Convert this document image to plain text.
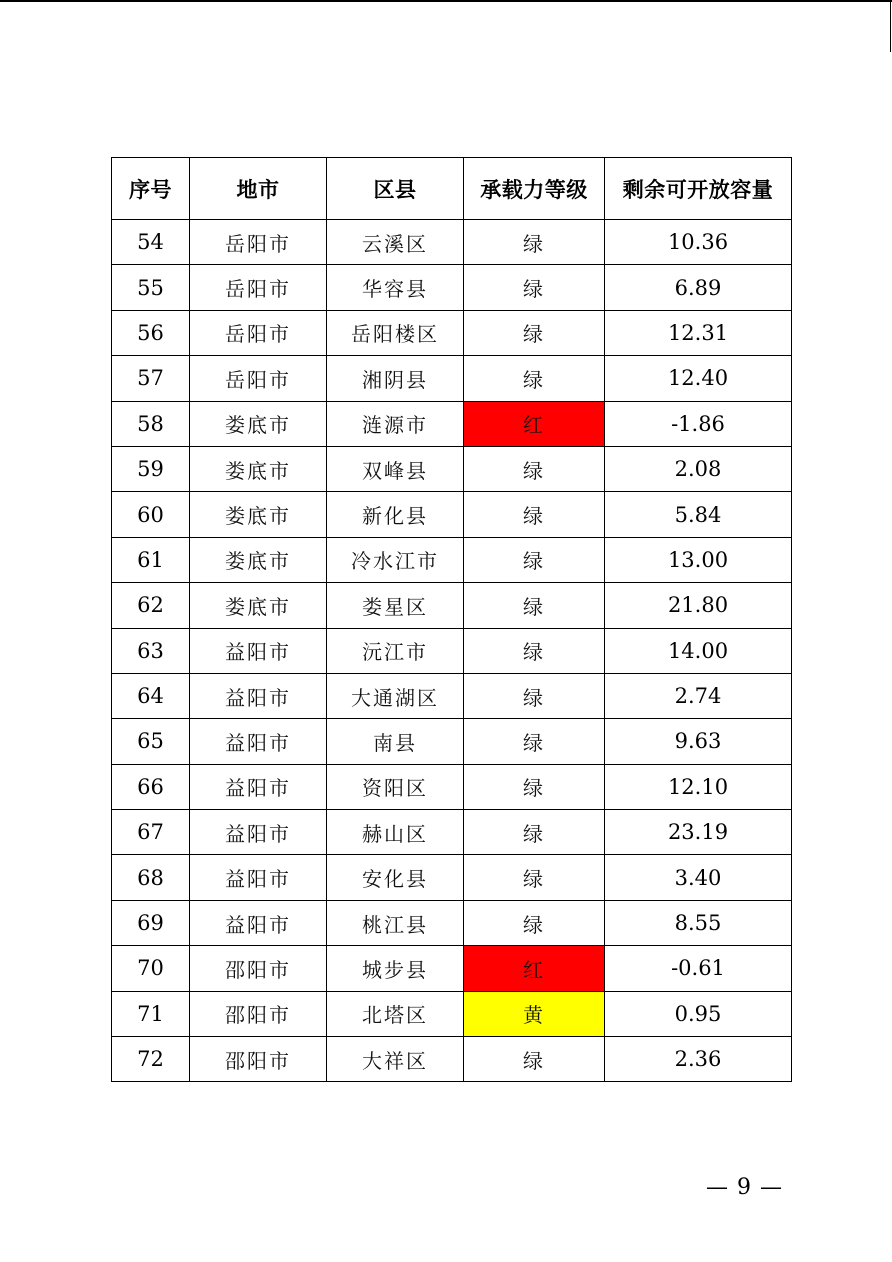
序号	地市	区县	承载力等级	剩余可开放容量
54	岳阳市	云溪区	绿	10.36
55	岳阳市	华容县	绿	6.89
56	岳阳市	岳阳楼区	绿	12.31
57	岳阳市	湘阴县	绿	12.40
58	娄底市	涟源市	红	-1.86
59	娄底市	双峰县	绿	2.08
60	娄底市	新化县	绿	5.84
61	娄底市	冷水江市	绿	13.00
62	娄底市	娄星区	绿	21.80
63	益阳市	沅江市	绿	14.00
64	益阳市	大通湖区	绿	2.74
65	益阳市	南县	绿	9.63
66	益阳市	资阳区	绿	12.10
67	益阳市	赫山区	绿	23.19
68	益阳市	安化县	绿	3.40
69	益阳市	桃江县	绿	8.55
70	邵阳市	城步县	红	-0.61
71	邵阳市	北塔区	黄	0.95
72	邵阳市	大祥区	绿	2.36
— 9 —
